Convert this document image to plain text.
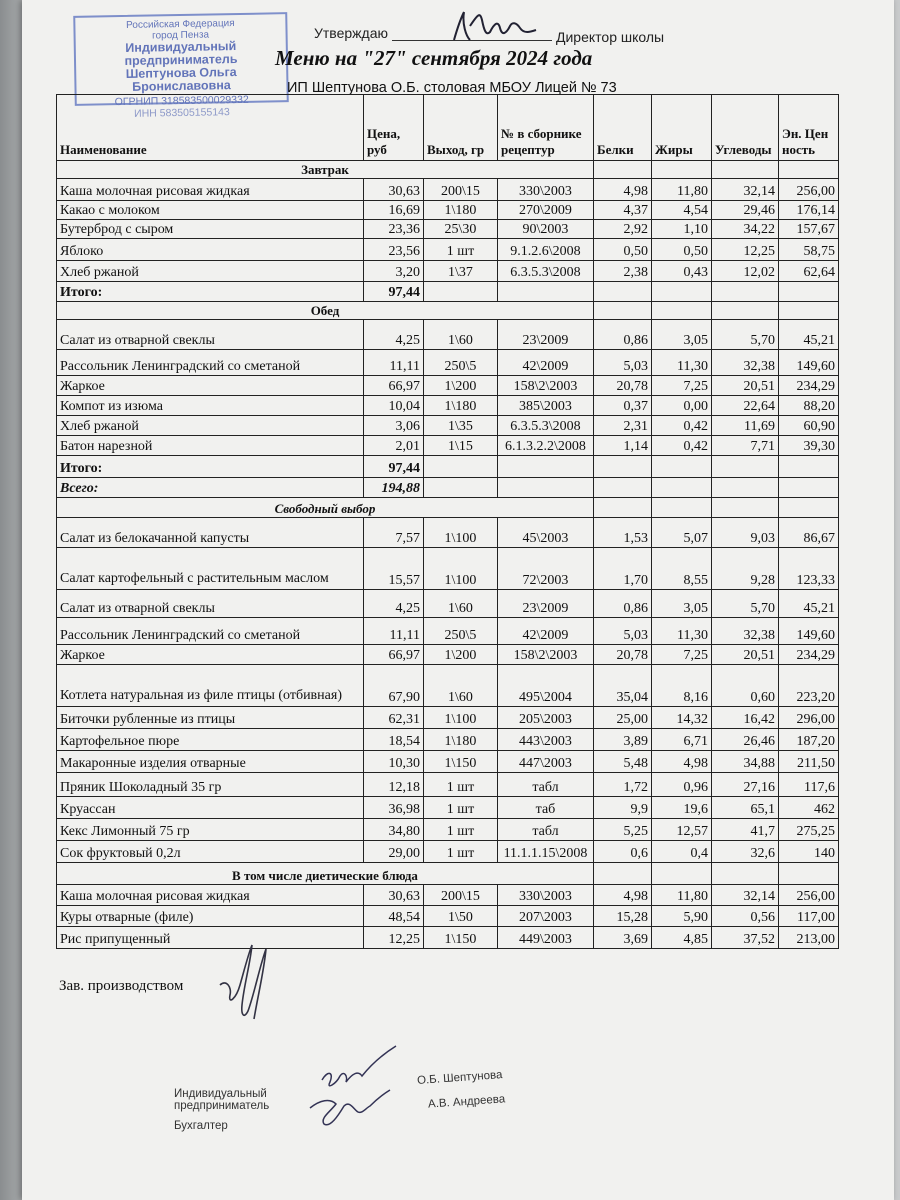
Российская Федерация
город Пенза
Индивидуальный предприниматель
Шептунова Ольга Брониславовна
ОГРНИП 318583500029332
ИНН 583505155143
Утверждаю	Директор школы
Меню на "27" сентября 2024 года
ИП Шептунова О.Б. столовая МБОУ Лицей № 73
Наименование	Цена, руб	Выход, гр	№ в сборнике рецептур	Белки	Жиры	Углеводы	Эн. Ценность
Завтрак							
Каша молочная рисовая жидкая	30,63	200\15	330\2003	4,98	11,80	32,14	256,00
Какао с молоком	16,69	1\180	270\2009	4,37	4,54	29,46	176,14
Бутерброд с сыром	23,36	25\30	90\2003	2,92	1,10	34,22	157,67
Яблоко	23,56	1 шт	9.1.2.6\2008	0,50	0,50	12,25	58,75
Хлеб ржаной	3,20	1\37	6.3.5.3\2008	2,38	0,43	12,02	62,64
Итого:	97,44						
Обед							
Салат из отварной свеклы	4,25	1\60	23\2009	0,86	3,05	5,70	45,21
Рассольник Ленинградский со сметаной	11,11	250\5	42\2009	5,03	11,30	32,38	149,60
Жаркое	66,97	1\200	158\2\2003	20,78	7,25	20,51	234,29
Компот из изюма	10,04	1\180	385\2003	0,37	0,00	22,64	88,20
Хлеб ржаной	3,06	1\35	6.3.5.3\2008	2,31	0,42	11,69	60,90
Батон нарезной	2,01	1\15	6.1.3.2.2\2008	1,14	0,42	7,71	39,30
Итого:	97,44						
Всего:	194,88						
Свободный выбор							
Салат из белокачанной капусты	7,57	1\100	45\2003	1,53	5,07	9,03	86,67
Салат картофельный с растительным маслом	15,57	1\100	72\2003	1,70	8,55	9,28	123,33
Салат из отварной свеклы	4,25	1\60	23\2009	0,86	3,05	5,70	45,21
Рассольник Ленинградский со сметаной	11,11	250\5	42\2009	5,03	11,30	32,38	149,60
Жаркое	66,97	1\200	158\2\2003	20,78	7,25	20,51	234,29
Котлета натуральная из филе птицы (отбивная)	67,90	1\60	495\2004	35,04	8,16	0,60	223,20
Биточки рубленные из птицы	62,31	1\100	205\2003	25,00	14,32	16,42	296,00
Картофельное пюре	18,54	1\180	443\2003	3,89	6,71	26,46	187,20
Макаронные изделия отварные	10,30	1\150	447\2003	5,48	4,98	34,88	211,50
Пряник Шоколадный 35 гр	12,18	1 шт	табл	1,72	0,96	27,16	117,6
Круассан	36,98	1 шт	таб	9,9	19,6	65,1	462
Кекс Лимонный 75 гр	34,80	1 шт	табл	5,25	12,57	41,7	275,25
Сок фруктовый 0,2л	29,00	1 шт	11.1.1.15\2008	0,6	0,4	32,6	140
В том числе диетические блюда							
Каша молочная рисовая жидкая	30,63	200\15	330\2003	4,98	11,80	32,14	256,00
Куры отварные (филе)	48,54	1\50	207\2003	15,28	5,90	0,56	117,00
Рис припущенный	12,25	1\150	449\2003	3,69	4,85	37,52	213,00
Зав. производством
Индивидуальный предприниматель
Бухгалтер
О.Б. Шептунова
А.В. Андреева
